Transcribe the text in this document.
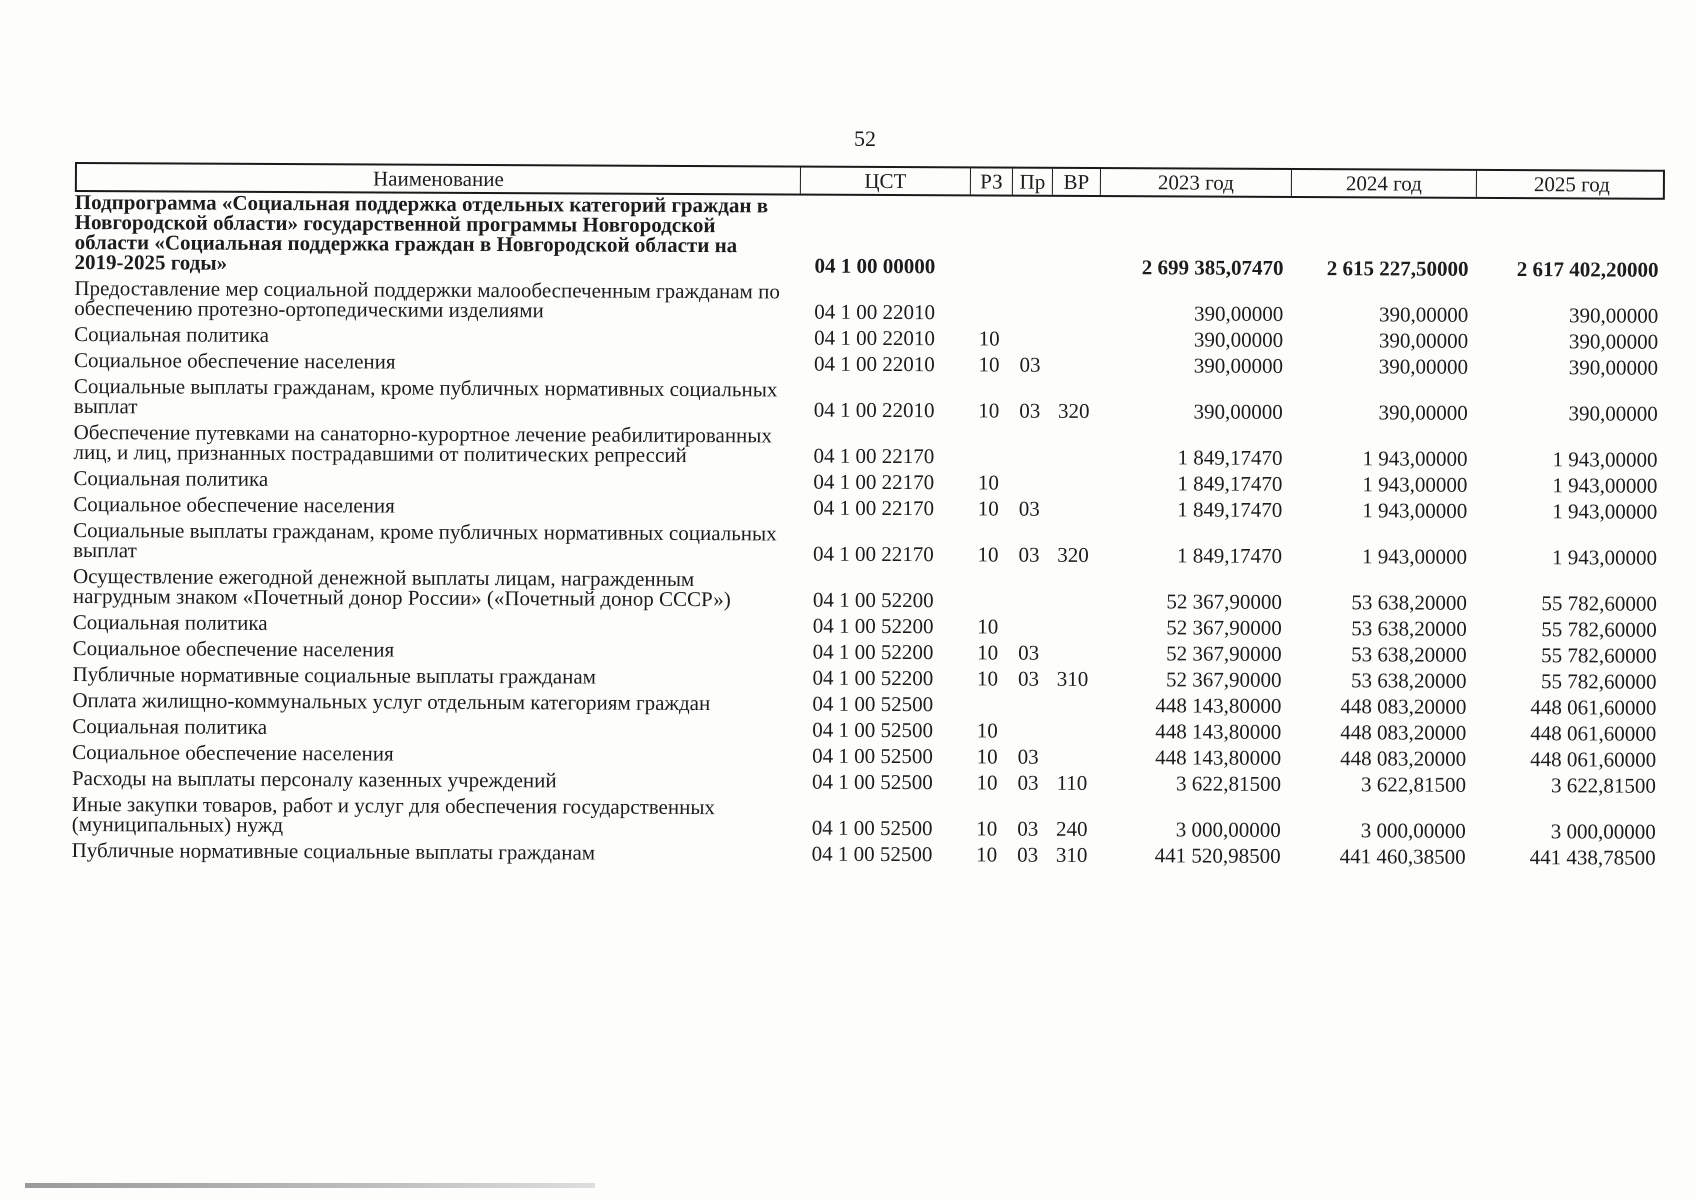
52
Наименование	ЦСТ	РЗ Пр ВР	2023 год	2024 год	2025 год
Подпрограмма «Социальная поддержка отдельных категорий граждан в Новгородской области» государственной программы Новгородской области «Социальная поддержка граждан в Новгородской области на 2019-2025 годы»	04 1 00 00000	2 699 385,07470	2 615 227,50000	2 617 402,20000
Предоставление мер социальной поддержки малообеспеченным гражданам по обеспечению протезно-ортопедическими изделиями	04 1 00 22010	390,00000	390,00000	390,00000
Социальная политика	04 1 00 22010	10	390,00000	390,00000	390,00000
Социальное обеспечение населения	04 1 00 22010	10 03	390,00000	390,00000	390,00000
Социальные выплаты гражданам, кроме публичных нормативных социальных выплат	04 1 00 22010	10 03 320	390,00000	390,00000	390,00000
Обеспечение путевками на санаторно-курортное лечение реабилитированных лиц, и лиц, признанных пострадавшими от политических репрессий	04 1 00 22170	1 849,17470	1 943,00000	1 943,00000
Социальная политика	04 1 00 22170	10	1 849,17470	1 943,00000	1 943,00000
Социальное обеспечение населения	04 1 00 22170	10 03	1 849,17470	1 943,00000	1 943,00000
Социальные выплаты гражданам, кроме публичных нормативных социальных выплат	04 1 00 22170	10 03 320	1 849,17470	1 943,00000	1 943,00000
Осуществление ежегодной денежной выплаты лицам, награжденным нагрудным знаком «Почетный донор России» («Почетный донор СССР»)	04 1 00 52200	52 367,90000	53 638,20000	55 782,60000
Социальная политика	04 1 00 52200	10	52 367,90000	53 638,20000	55 782,60000
Социальное обеспечение населения	04 1 00 52200	10 03	52 367,90000	53 638,20000	55 782,60000
Публичные нормативные социальные выплаты гражданам	04 1 00 52200	10 03 310	52 367,90000	53 638,20000	55 782,60000
Оплата жилищно-коммунальных услуг отдельным категориям граждан	04 1 00 52500	448 143,80000	448 083,20000	448 061,60000
Социальная политика	04 1 00 52500	10	448 143,80000	448 083,20000	448 061,60000
Социальное обеспечение населения	04 1 00 52500	10 03	448 143,80000	448 083,20000	448 061,60000
Расходы на выплаты персоналу казенных учреждений	04 1 00 52500	10 03 110	3 622,81500	3 622,81500	3 622,81500
Иные закупки товаров, работ и услуг для обеспечения государственных (муниципальных) нужд	04 1 00 52500	10 03 240	3 000,00000	3 000,00000	3 000,00000
Публичные нормативные социальные выплаты гражданам	04 1 00 52500	10 03 310	441 520,98500	441 460,38500	441 438,78500
